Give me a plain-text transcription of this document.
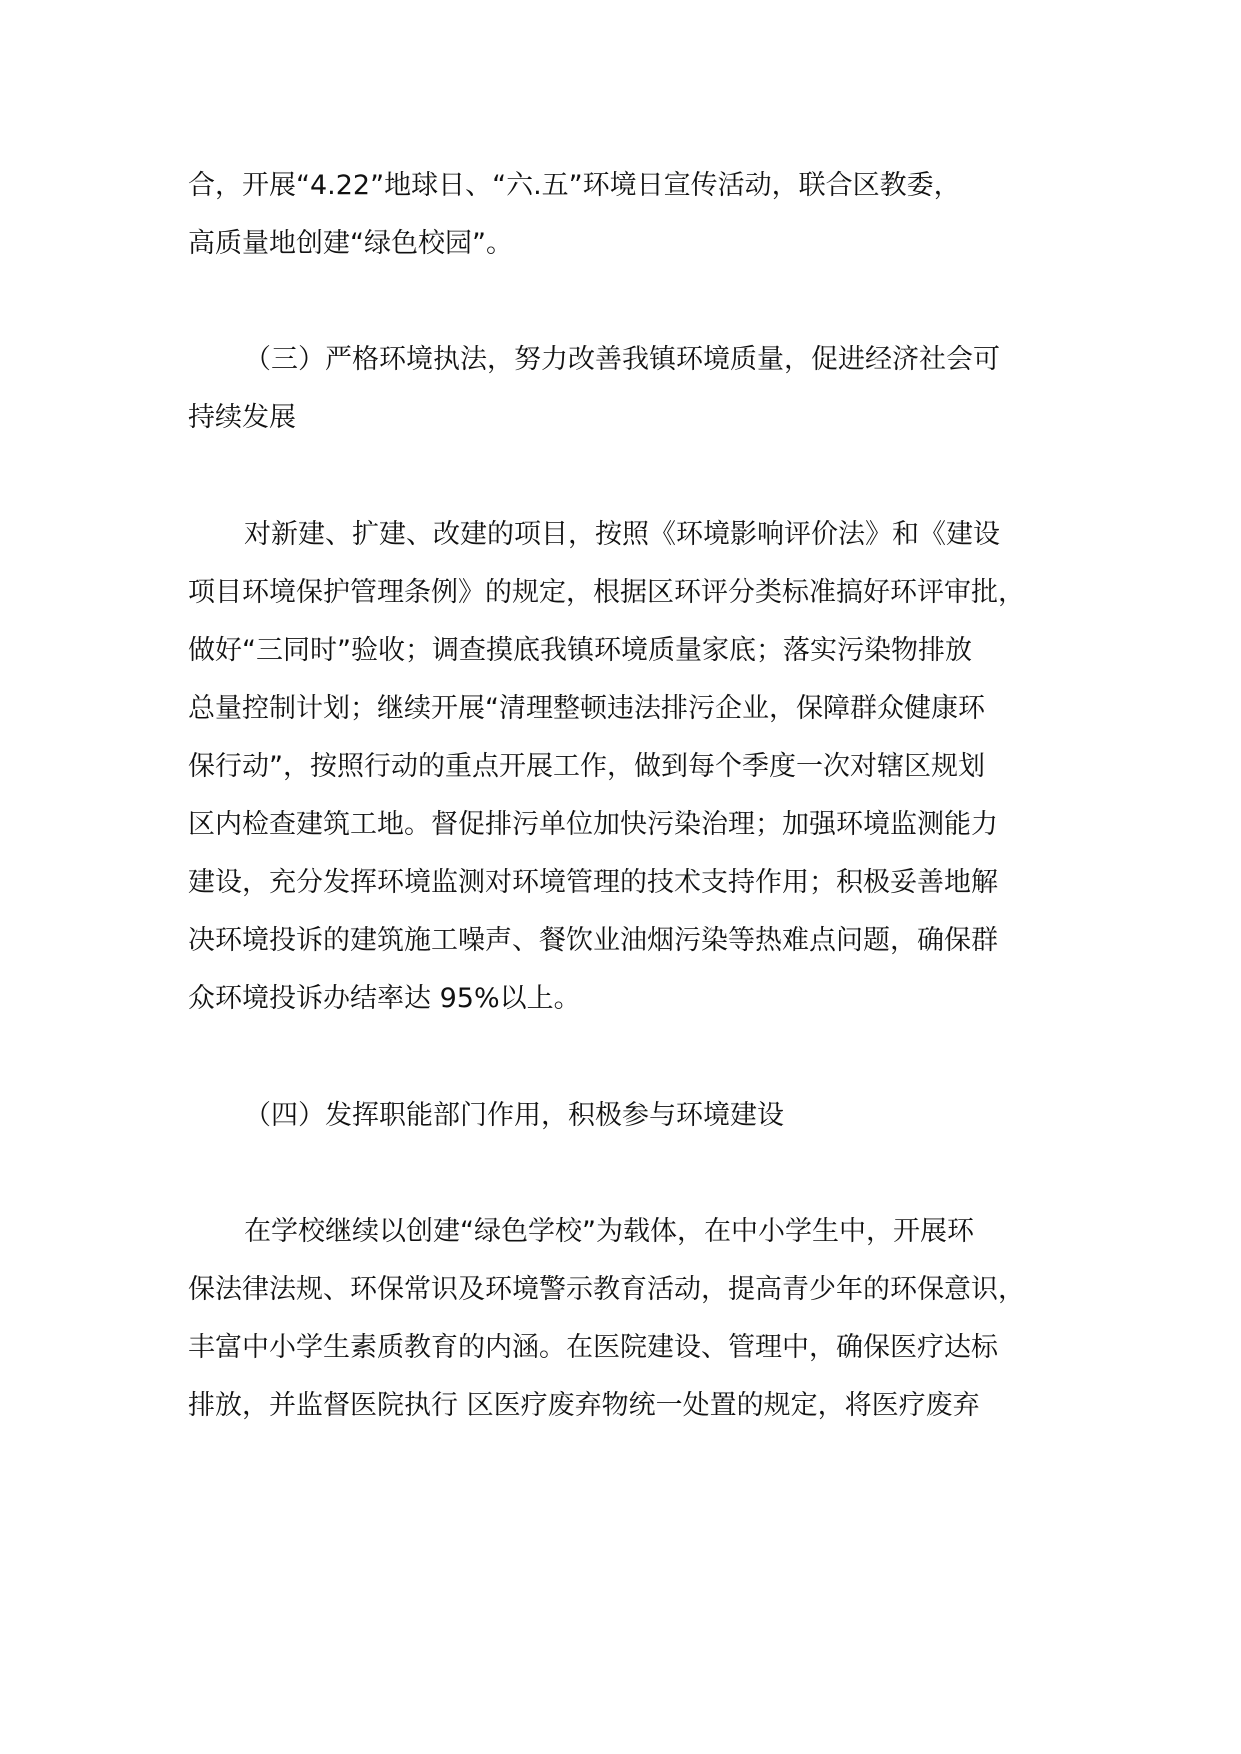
合，开展“4.22”地球日、“六.五”环境日宣传活动，联合区教委，
高质量地创建“绿色校园”。
（三）严格环境执法，努力改善我镇环境质量，促进经济社会可
持续发展
对新建、扩建、改建的项目，按照《环境影响评价法》和《建设
项目环境保护管理条例》的规定，根据区环评分类标准搞好环评审批，
做好“三同时”验收；调查摸底我镇环境质量家底；落实污染物排放
总量控制计划；继续开展“清理整顿违法排污企业，保障群众健康环
保行动”，按照行动的重点开展工作，做到每个季度一次对辖区规划
区内检查建筑工地。督促排污单位加快污染治理；加强环境监测能力
建设，充分发挥环境监测对环境管理的技术支持作用；积极妥善地解
决环境投诉的建筑施工噪声、餐饮业油烟污染等热难点问题，确保群
众环境投诉办结率达 95%以上。
（四）发挥职能部门作用，积极参与环境建设
在学校继续以创建“绿色学校”为载体，在中小学生中，开展环
保法律法规、环保常识及环境警示教育活动，提高青少年的环保意识，
丰富中小学生素质教育的内涵。在医院建设、管理中，确保医疗达标
排放，并监督医院执行 区医疗废弃物统一处置的规定，将医疗废弃
